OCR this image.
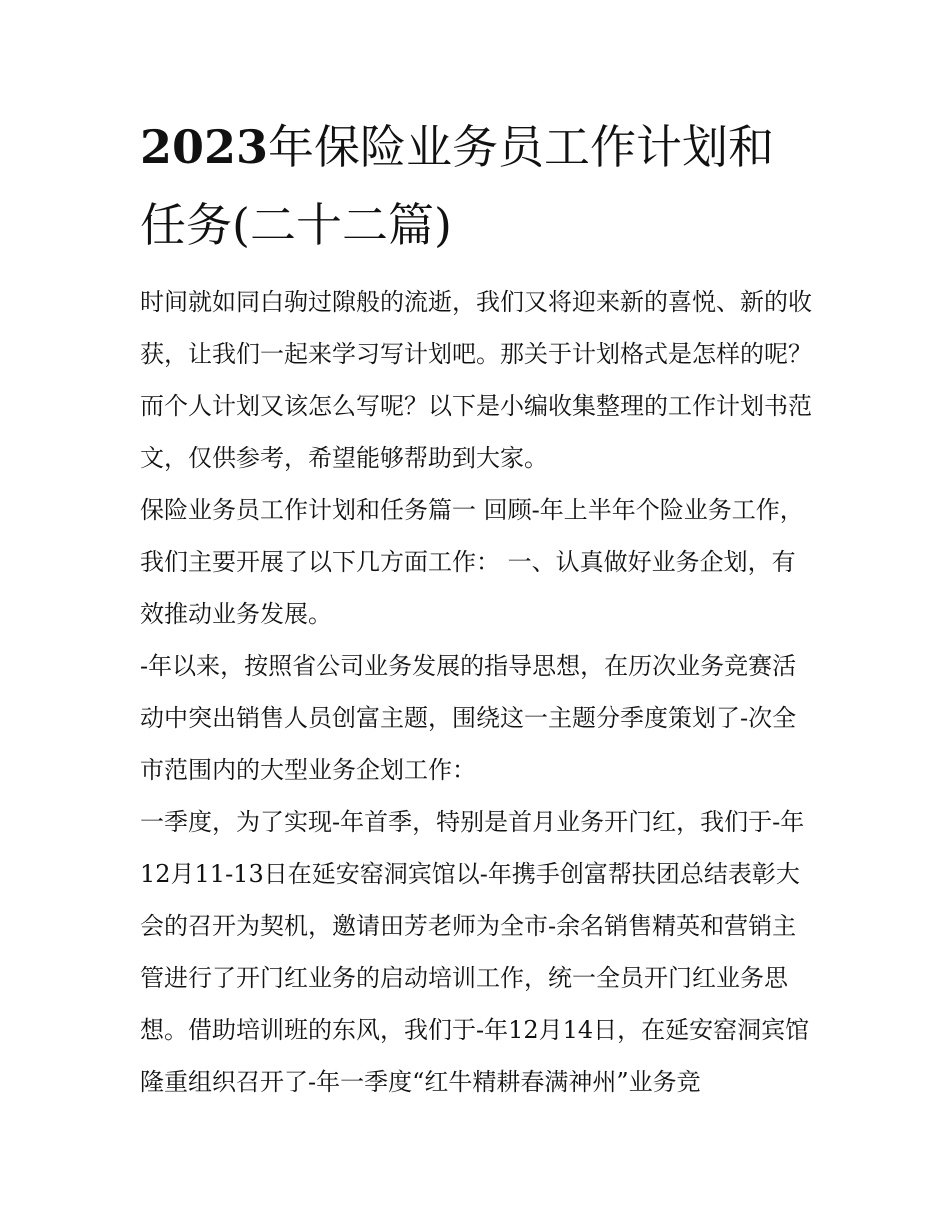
2023年保险业务员工作计划和任务(二十二篇)

时间就如同白驹过隙般的流逝，我们又将迎来新的喜悦、新的收获，让我们一起来学习写计划吧。那关于计划格式是怎样的呢？而个人计划又该怎么写呢？以下是小编收集整理的工作计划书范文，仅供参考，希望能够帮助到大家。

保险业务员工作计划和任务篇一 回顾-年上半年个险业务工作，我们主要开展了以下几方面工作： 一、认真做好业务企划，有效推动业务发展。

-年以来，按照省公司业务发展的指导思想，在历次业务竞赛活动中突出销售人员创富主题，围绕这一主题分季度策划了-次全市范围内的大型业务企划工作：

一季度，为了实现-年首季，特别是首月业务开门红，我们于-年12月11-13日在延安窑洞宾馆以-年携手创富帮扶团总结表彰大会的召开为契机，邀请田芳老师为全市-余名销售精英和营销主管进行了开门红业务的启动培训工作，统一全员开门红业务思想。借助培训班的东风，我们于-年12月14日，在延安窑洞宾馆隆重组织召开了-年一季度“红牛精耕春满神州”业务竞
